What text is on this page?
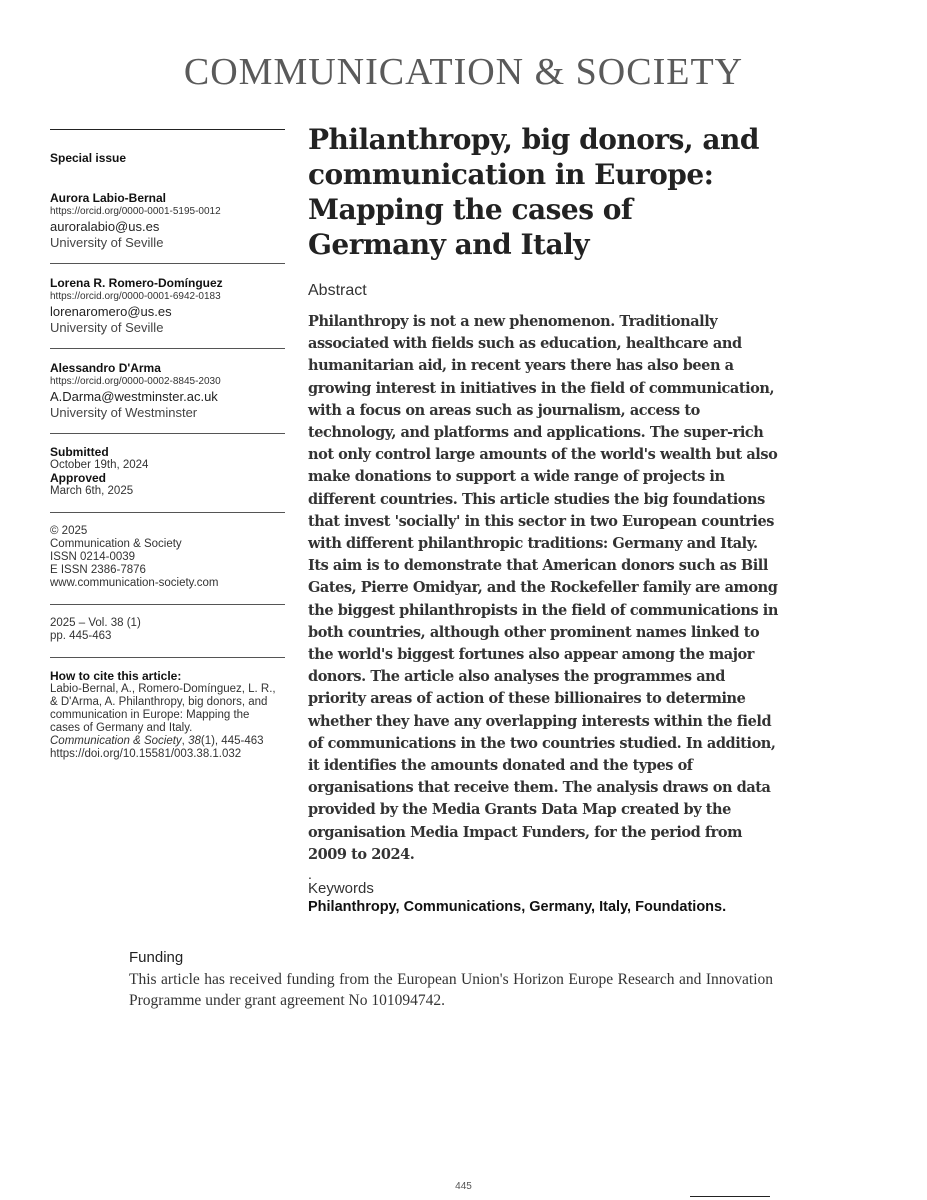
COMMUNICATION & SOCIETY
Special issue
Aurora Labio-Bernal
https://orcid.org/0000-0001-5195-0012
auroralabio@us.es
University of Seville
Lorena R. Romero-Domínguez
https://orcid.org/0000-0001-6942-0183
lorenaromero@us.es
University of Seville
Alessandro D'Arma
https://orcid.org/0000-0002-8845-2030
A.Darma@westminster.ac.uk
University of Westminster
Submitted
October 19th, 2024
Approved
March 6th, 2025
© 2025
Communication & Society
ISSN 0214-0039
E ISSN 2386-7876
www.communication-society.com
2025 – Vol. 38 (1)
pp. 445-463
How to cite this article:
Labio-Bernal, A., Romero-Domínguez, L. R.,
& D'Arma, A. Philanthropy, big donors, and
communication in Europe: Mapping the
cases of Germany and Italy.
Communication & Society, 38(1), 445-463
https://doi.org/10.15581/003.38.1.032
Philanthropy, big donors, and communication in Europe: Mapping the cases of Germany and Italy
Abstract
Philanthropy is not a new phenomenon. Traditionally associated with fields such as education, healthcare and humanitarian aid, in recent years there has also been a growing interest in initiatives in the field of communication, with a focus on areas such as journalism, access to technology, and platforms and applications. The super-rich not only control large amounts of the world's wealth but also make donations to support a wide range of projects in different countries. This article studies the big foundations that invest 'socially' in this sector in two European countries with different philanthropic traditions: Germany and Italy. Its aim is to demonstrate that American donors such as Bill Gates, Pierre Omidyar, and the Rockefeller family are among the biggest philanthropists in the field of communications in both countries, although other prominent names linked to the world's biggest fortunes also appear among the major donors. The article also analyses the programmes and priority areas of action of these billionaires to determine whether they have any overlapping interests within the field of communications in the two countries studied. In addition, it identifies the amounts donated and the types of organisations that receive them. The analysis draws on data provided by the Media Grants Data Map created by the organisation Media Impact Funders, for the period from 2009 to 2024.
.
Keywords
Philanthropy, Communications, Germany, Italy, Foundations.
Funding
This article has received funding from the European Union's Horizon Europe Research and Innovation Programme under grant agreement No 101094742.
445
